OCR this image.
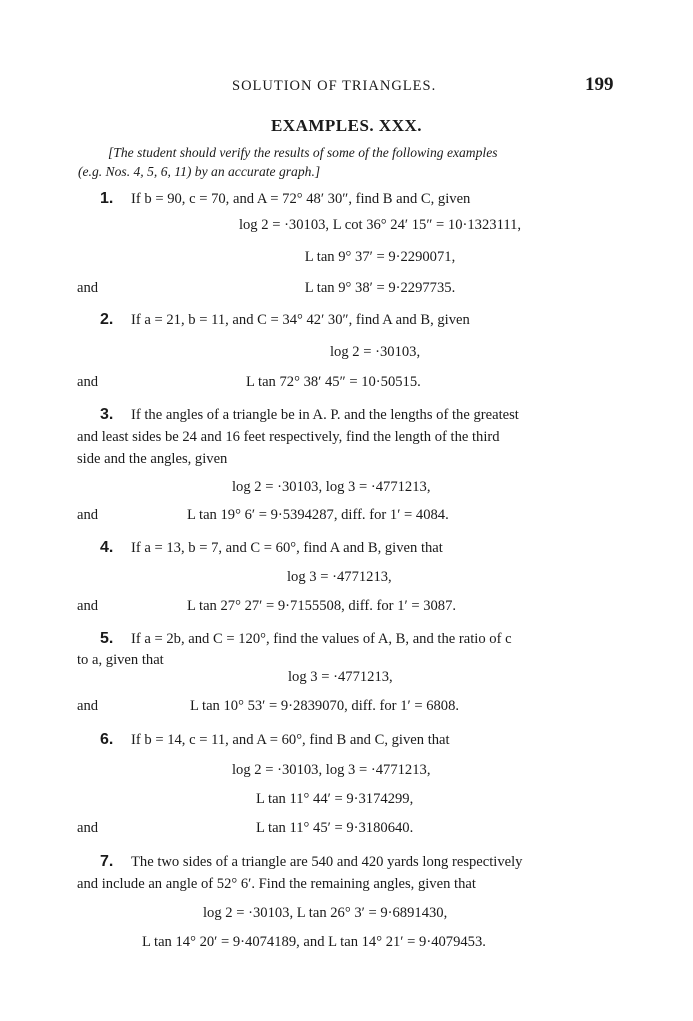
SOLUTION OF TRIANGLES.	199
EXAMPLES. XXX.
[The student should verify the results of some of the following examples
(e.g. Nos. 4, 5, 6, 11) by an accurate graph.]
1. If b = 90, c = 70, and A = 72° 48′ 30″, find B and C, given
log 2 = ·30103, L cot 36° 24′ 15″ = 10·1323111,
L tan 9° 37′ = 9·2290071,
and	L tan 9° 38′ = 9·2297735.
2. If a = 21, b = 11, and C = 34° 42′ 30″, find A and B, given
log 2 = ·30103,
and	L tan 72° 38′ 45″ = 10·50515.
3. If the angles of a triangle be in A. P. and the lengths of the greatest
and least sides be 24 and 16 feet respectively, find the length of the third
side and the angles, given
log 2 = ·30103, log 3 = ·4771213,
and	L tan 19° 6′ = 9·5394287, diff. for 1′ = 4084.
4. If a = 13, b = 7, and C = 60°, find A and B, given that
log 3 = ·4771213,
and	L tan 27° 27′ = 9·7155508, diff. for 1′ = 3087.
5. If a = 2b, and C = 120°, find the values of A, B, and the ratio of c
to a, given that
log 3 = ·4771213,
and	L tan 10° 53′ = 9·2839070, diff. for 1′ = 6808.
6. If b = 14, c = 11, and A = 60°, find B and C, given that
log 2 = ·30103, log 3 = ·4771213,
L tan 11° 44′ = 9·3174299,
and	L tan 11° 45′ = 9·3180640.
7. The two sides of a triangle are 540 and 420 yards long respectively
and include an angle of 52° 6′. Find the remaining angles, given that
log 2 = ·30103, L tan 26° 3′ = 9·6891430,
L tan 14° 20′ = 9·4074189, and L tan 14° 21′ = 9·4079453.
